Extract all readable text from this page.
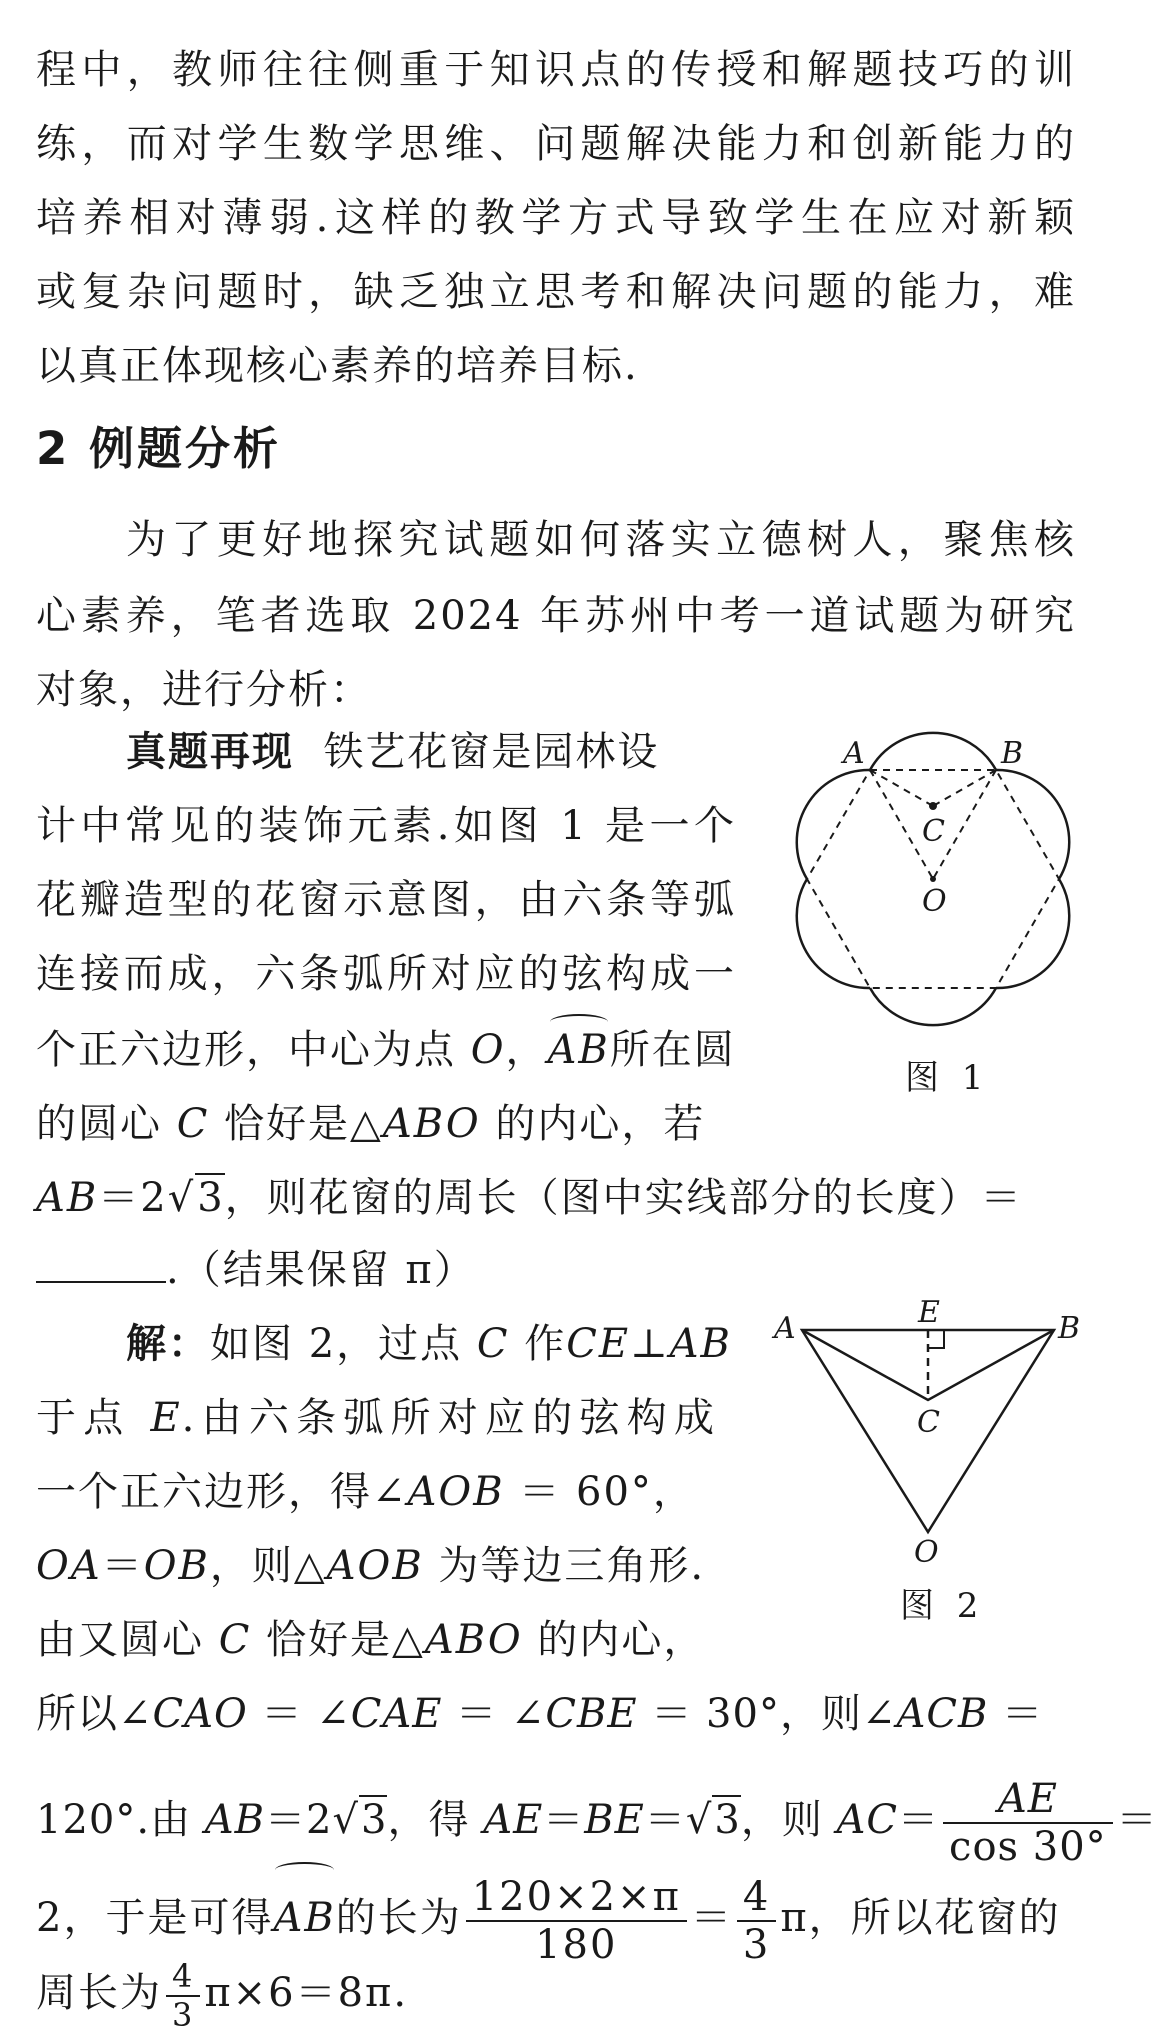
程中，教师往往侧重于知识点的传授和解题技巧的训
练，而对学生数学思维、问题解决能力和创新能力的
培养相对薄弱.这样的教学方式导致学生在应对新颖
或复杂问题时，缺乏独立思考和解决问题的能力，难
以真正体现核心素养的培养目标.
2 例题分析
为了更好地探究试题如何落实立德树人，聚焦核
心素养，笔者选取 2024 年苏州中考一道试题为研究
对象，进行分析：
真题再现 铁艺花窗是园林设
计中常见的装饰元素.如图 1 是一个
花瓣造型的花窗示意图，由六条等弧
连接而成，六条弧所对应的弦构成一
个正六边形，中心为点 O，AB所在圆
的圆心 C 恰好是△ABO 的内心，若
AB＝2√3，则花窗的周长（图中实线部分的长度）＝
.（结果保留 π）
解：如图 2，过点 C 作CE⊥AB
于点 E.由六条弧所对应的弦构成
一个正六边形，得∠AOB ＝ 60°，
OA＝OB，则△AOB 为等边三角形.
由又圆心 C 恰好是△ABO 的内心，
所以∠CAO ＝ ∠CAE ＝ ∠CBE ＝ 30°，则∠ACB ＝
120°.由 AB＝2√3，得 AE＝BE＝√3，则 $AC= \frac{AE}{\cos 30^\circ}$ ＝
2，于是可得AB的长为 $\frac{120\times 2\times\pi}{180} = \frac{4}{3}$ π，所以花窗的
周长为 $\frac{4}{3} \pi\times 6=8\pi$.
A	B
C
O
图 1
A	B
E
C
O
图 2
